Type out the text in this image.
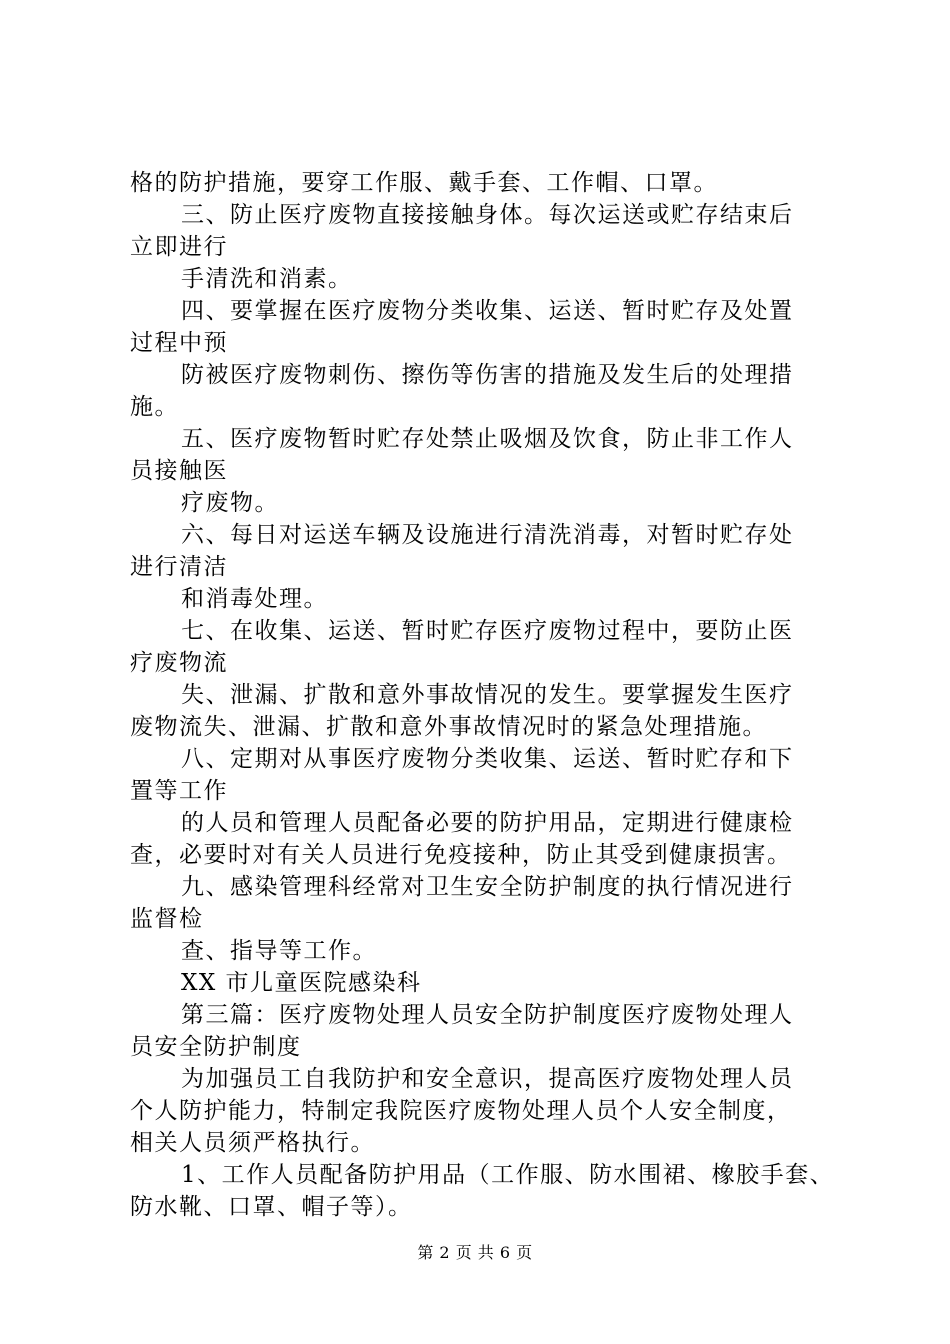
格的防护措施，要穿工作服、戴手套、工作帽、口罩。
三、防止医疗废物直接接触身体。每次运送或贮存结束后
立即进行
手清洗和消素。
四、要掌握在医疗废物分类收集、运送、暂时贮存及处置
过程中预
防被医疗废物刺伤、擦伤等伤害的措施及发生后的处理措
施。
五、医疗废物暂时贮存处禁止吸烟及饮食，防止非工作人
员接触医
疗废物。
六、每日对运送车辆及设施进行清洗消毒，对暂时贮存处
进行清洁
和消毒处理。
七、在收集、运送、暂时贮存医疗废物过程中，要防止医
疗废物流
失、泄漏、扩散和意外事故情况的发生。要掌握发生医疗
废物流失、泄漏、扩散和意外事故情况时的紧急处理措施。
八、定期对从事医疗废物分类收集、运送、暂时贮存和下
置等工作
的人员和管理人员配备必要的防护用品，定期进行健康检
查，必要时对有关人员进行免疫接种，防止其受到健康损害。
九、感染管理科经常对卫生安全防护制度的执行情况进行
监督检
查、指导等工作。
XX 市儿童医院感染科
第三篇：医疗废物处理人员安全防护制度医疗废物处理人
员安全防护制度
为加强员工自我防护和安全意识，提高医疗废物处理人员
个人防护能力，特制定我院医疗废物处理人员个人安全制度，
相关人员须严格执行。
1、工作人员配备防护用品（工作服、防水围裙、橡胶手套、
防水靴、口罩、帽子等）。
第 2 页 共 6 页
